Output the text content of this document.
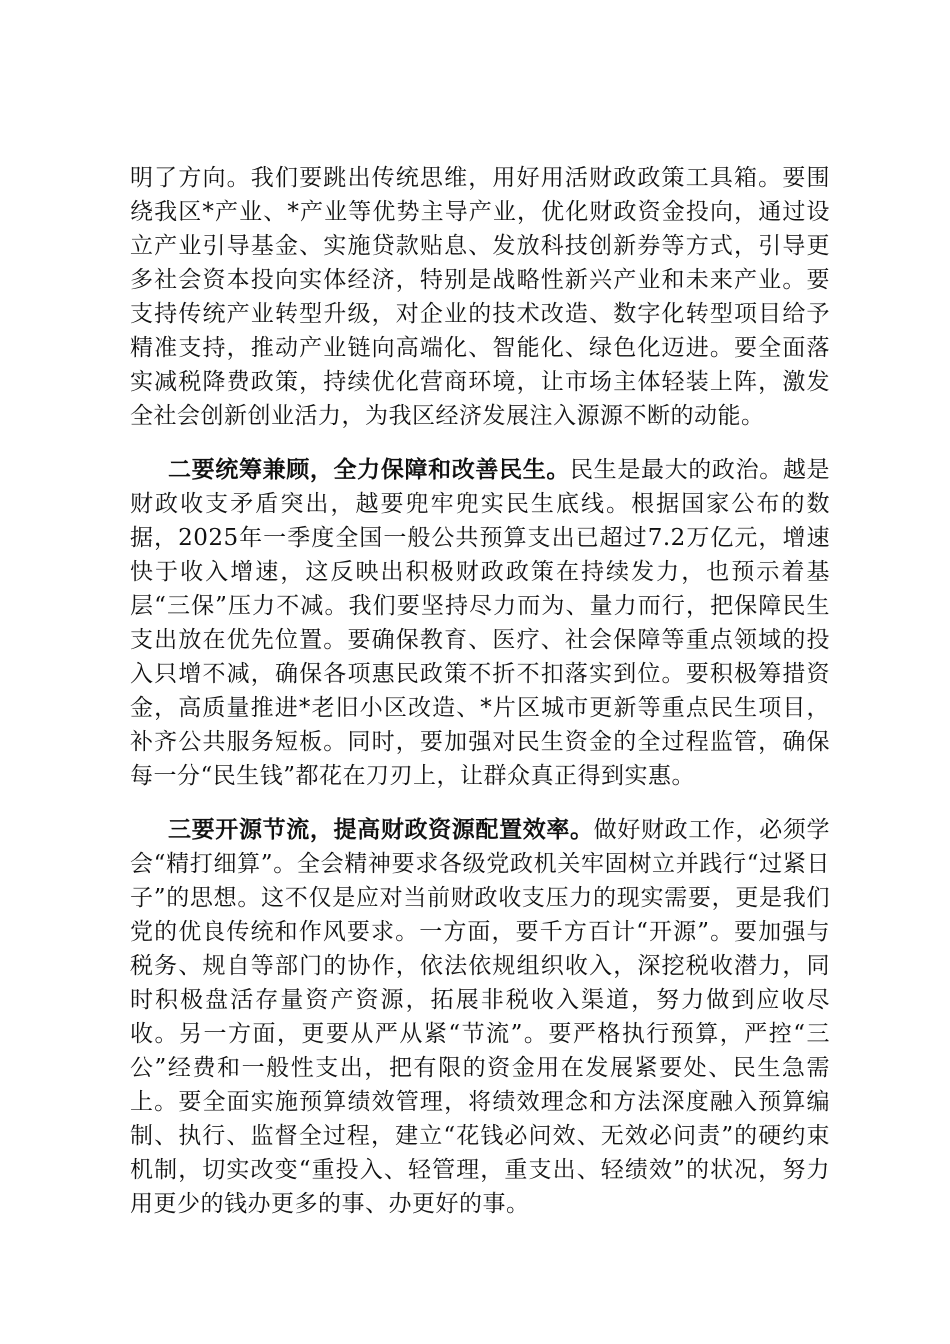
明了方向。我们要跳出传统思维，用好用活财政政策工具箱。要围绕我区*产业、*产业等优势主导产业，优化财政资金投向，通过设立产业引导基金、实施贷款贴息、发放科技创新券等方式，引导更多社会资本投向实体经济，特别是战略性新兴产业和未来产业。要支持传统产业转型升级，对企业的技术改造、数字化转型项目给予精准支持，推动产业链向高端化、智能化、绿色化迈进。要全面落实减税降费政策，持续优化营商环境，让市场主体轻装上阵，激发全社会创新创业活力，为我区经济发展注入源源不断的动能。

二要统筹兼顾，全力保障和改善民生。民生是最大的政治。越是财政收支矛盾突出，越要兜牢兜实民生底线。根据国家公布的数据，2025年一季度全国一般公共预算支出已超过7.2万亿元，增速快于收入增速，这反映出积极财政政策在持续发力，也预示着基层“三保”压力不减。我们要坚持尽力而为、量力而行，把保障民生支出放在优先位置。要确保教育、医疗、社会保障等重点领域的投入只增不减，确保各项惠民政策不折不扣落实到位。要积极筹措资金，高质量推进*老旧小区改造、*片区城市更新等重点民生项目，补齐公共服务短板。同时，要加强对民生资金的全过程监管，确保每一分“民生钱”都花在刀刃上，让群众真正得到实惠。

三要开源节流，提高财政资源配置效率。做好财政工作，必须学会“精打细算”。全会精神要求各级党政机关牢固树立并践行“过紧日子”的思想。这不仅是应对当前财政收支压力的现实需要，更是我们党的优良传统和作风要求。一方面，要千方百计“开源”。要加强与税务、规自等部门的协作，依法依规组织收入，深挖税收潜力，同时积极盘活存量资产资源，拓展非税收入渠道，努力做到应收尽收。另一方面，更要从严从紧“节流”。要严格执行预算，严控“三公”经费和一般性支出，把有限的资金用在发展紧要处、民生急需上。要全面实施预算绩效管理，将绩效理念和方法深度融入预算编制、执行、监督全过程，建立“花钱必问效、无效必问责”的硬约束机制，切实改变“重投入、轻管理，重支出、轻绩效”的状况，努力用更少的钱办更多的事、办更好的事。
